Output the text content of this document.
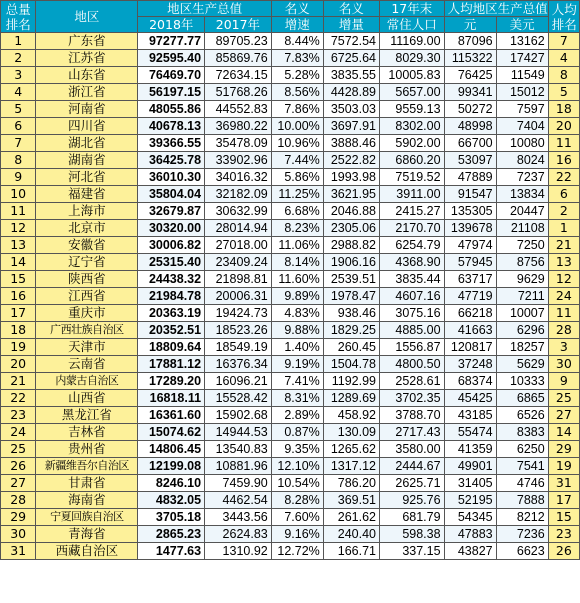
总量
排名	地区	地区生产总值		名义	名义	17年末	人均地区生产总值		人均
排名
		2018年	2017年	增速	增量	常住人口	元	美元	
1	广东省	97277.77	89705.23	8.44%	7572.54	11169.00	87096	13162	7
2	江苏省	92595.40	85869.76	7.83%	6725.64	8029.30	115322	17427	4
3	山东省	76469.70	72634.15	5.28%	3835.55	10005.83	76425	11549	8
4	浙江省	56197.15	51768.26	8.56%	4428.89	5657.00	99341	15012	5
5	河南省	48055.86	44552.83	7.86%	3503.03	9559.13	50272	7597	18
6	四川省	40678.13	36980.22	10.00%	3697.91	8302.00	48998	7404	20
7	湖北省	39366.55	35478.09	10.96%	3888.46	5902.00	66700	10080	11
8	湖南省	36425.78	33902.96	7.44%	2522.82	6860.20	53097	8024	16
9	河北省	36010.30	34016.32	5.86%	1993.98	7519.52	47889	7237	22
10	福建省	35804.04	32182.09	11.25%	3621.95	3911.00	91547	13834	6
11	上海市	32679.87	30632.99	6.68%	2046.88	2415.27	135305	20447	2
12	北京市	30320.00	28014.94	8.23%	2305.06	2170.70	139678	21108	1
13	安徽省	30006.82	27018.00	11.06%	2988.82	6254.79	47974	7250	21
14	辽宁省	25315.40	23409.24	8.14%	1906.16	4368.90	57945	8756	13
15	陕西省	24438.32	21898.81	11.60%	2539.51	3835.44	63717	9629	12
16	江西省	21984.78	20006.31	9.89%	1978.47	4607.16	47719	7211	24
17	重庆市	20363.19	19424.73	4.83%	938.46	3075.16	66218	10007	11
18	广西壮族自治区	20352.51	18523.26	9.88%	1829.25	4885.00	41663	6296	28
19	天津市	18809.64	18549.19	1.40%	260.45	1556.87	120817	18257	3
20	云南省	17881.12	16376.34	9.19%	1504.78	4800.50	37248	5629	30
21	内蒙古自治区	17289.20	16096.21	7.41%	1192.99	2528.61	68374	10333	9
22	山西省	16818.11	15528.42	8.31%	1289.69	3702.35	45425	6865	25
23	黑龙江省	16361.60	15902.68	2.89%	458.92	3788.70	43185	6526	27
24	吉林省	15074.62	14944.53	0.87%	130.09	2717.43	55474	8383	14
25	贵州省	14806.45	13540.83	9.35%	1265.62	3580.00	41359	6250	29
26	新疆维吾尔自治区	12199.08	10881.96	12.10%	1317.12	2444.67	49901	7541	19
27	甘肃省	8246.10	7459.90	10.54%	786.20	2625.71	31405	4746	31
28	海南省	4832.05	4462.54	8.28%	369.51	925.76	52195	7888	17
29	宁夏回族自治区	3705.18	3443.56	7.60%	261.62	681.79	54345	8212	15
30	青海省	2865.23	2624.83	9.16%	240.40	598.38	47883	7236	23
31	西藏自治区	1477.63	1310.92	12.72%	166.71	337.15	43827	6623	26
